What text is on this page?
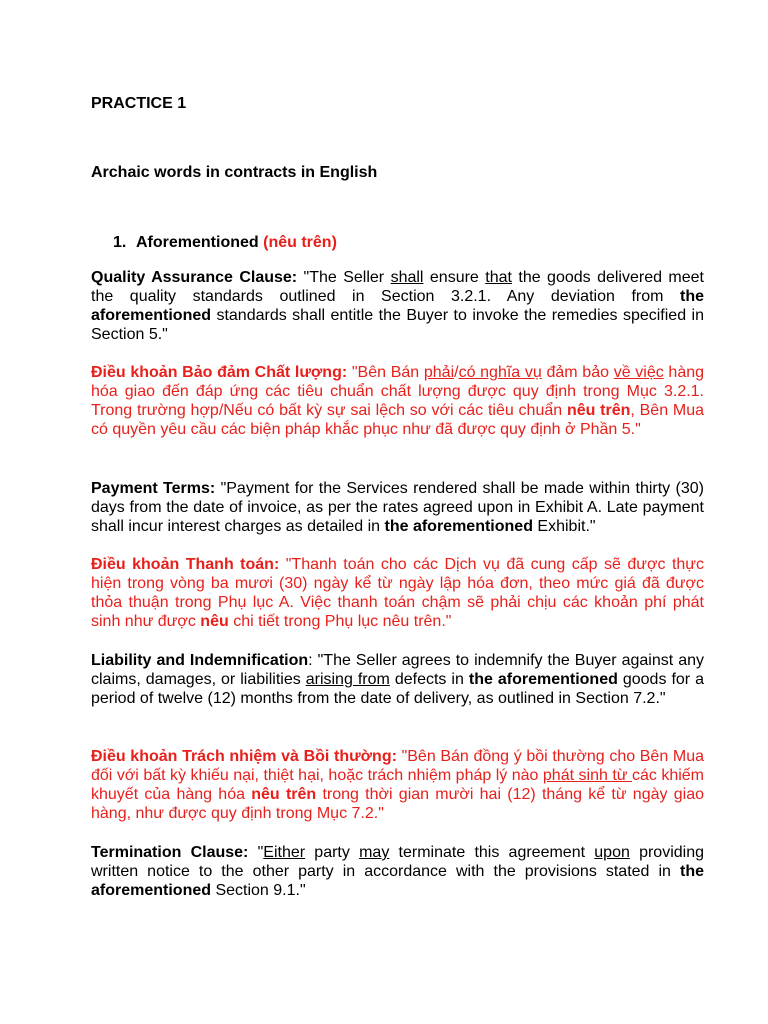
PRACTICE 1
Archaic words in contracts in English
1. Aforementioned (nêu trên)
Quality Assurance Clause: "The Seller shall ensure that the goods delivered meet the quality standards outlined in Section 3.2.1. Any deviation from the aforementioned standards shall entitle the Buyer to invoke the remedies specified in Section 5."
Điều khoản Bảo đảm Chất lượng: "Bên Bán phải/có nghĩa vụ đảm bảo về việc hàng hóa giao đến đáp ứng các tiêu chuẩn chất lượng được quy định trong Mục 3.2.1. Trong trường hợp/Nếu có bất kỳ sự sai lệch so với các tiêu chuẩn nêu trên, Bên Mua có quyền yêu cầu các biện pháp khắc phục như đã được quy định ở Phần 5."
Payment Terms: "Payment for the Services rendered shall be made within thirty (30) days from the date of invoice, as per the rates agreed upon in Exhibit A. Late payment shall incur interest charges as detailed in the aforementioned Exhibit."
Điều khoản Thanh toán: "Thanh toán cho các Dịch vụ đã cung cấp sẽ được thực hiện trong vòng ba mươi (30) ngày kể từ ngày lập hóa đơn, theo mức giá đã được thỏa thuận trong Phụ lục A. Việc thanh toán chậm sẽ phải chịu các khoản phí phát sinh như được nêu chi tiết trong Phụ lục nêu trên."
Liability and Indemnification: "The Seller agrees to indemnify the Buyer against any claims, damages, or liabilities arising from defects in the aforementioned goods for a period of twelve (12) months from the date of delivery, as outlined in Section 7.2."
Điều khoản Trách nhiệm và Bồi thường: "Bên Bán đồng ý bồi thường cho Bên Mua đối với bất kỳ khiếu nại, thiệt hại, hoặc trách nhiệm pháp lý nào phát sinh từ các khiếm khuyết của hàng hóa nêu trên trong thời gian mười hai (12) tháng kể từ ngày giao hàng, như được quy định trong Mục 7.2."
Termination Clause: "Either party may terminate this agreement upon providing written notice to the other party in accordance with the provisions stated in the aforementioned Section 9.1."
